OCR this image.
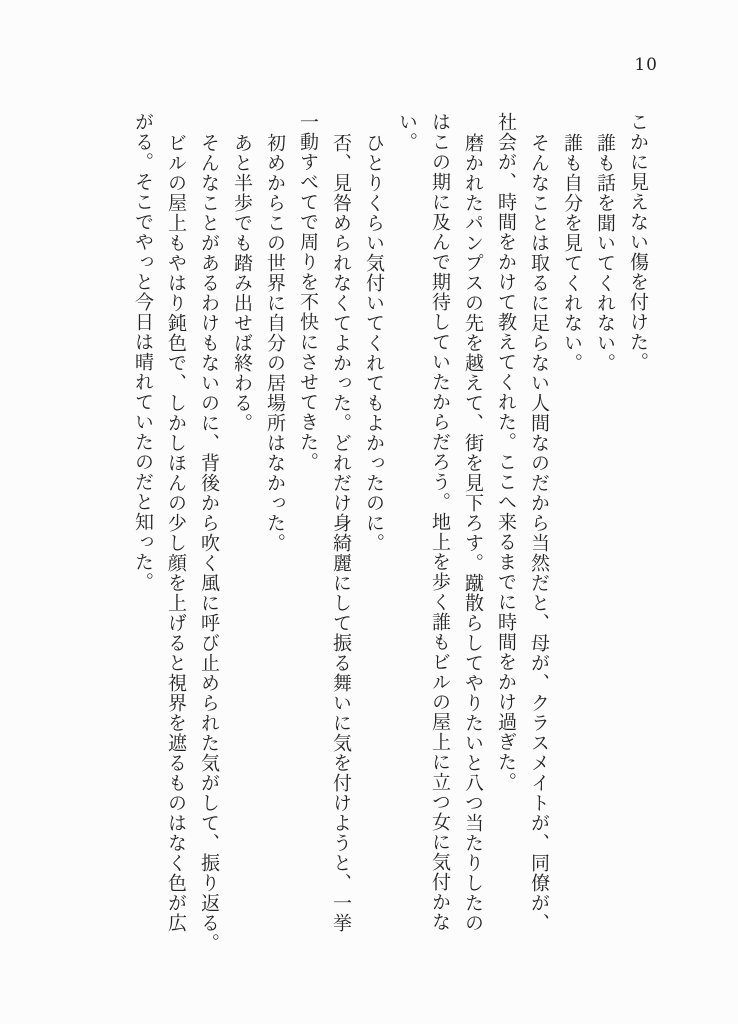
10
こかに見えない傷を付けた。
誰も話を聞いてくれない。
誰も自分を見てくれない。
そんなことは取るに足らない人間なのだから当然だと、母が、クラスメイトが、同僚が、
社会が、時間をかけて教えてくれた。ここへ来るまでに時間をかけ過ぎた。
磨かれたパンプスの先を越えて、街を見下ろす。蹴散らしてやりたいと八つ当たりしたの
はこの期に及んで期待していたからだろう。地上を歩く誰もビルの屋上に立つ女に気付かな
い。
ひとりくらい気付いてくれてもよかったのに。
否、見咎められなくてよかった。どれだけ身綺麗にして振る舞いに気を付けようと、一挙
一動すべてで周りを不快にさせてきた。
初めからこの世界に自分の居場所はなかった。
あと半歩でも踏み出せば終わる。
そんなことがあるわけもないのに、背後から吹く風に呼び止められた気がして、振り返る。
ビルの屋上もやはり鈍色で、しかしほんの少し顔を上げると視界を遮るものはなく色が広
がる。そこでやっと今日は晴れていたのだと知った。
